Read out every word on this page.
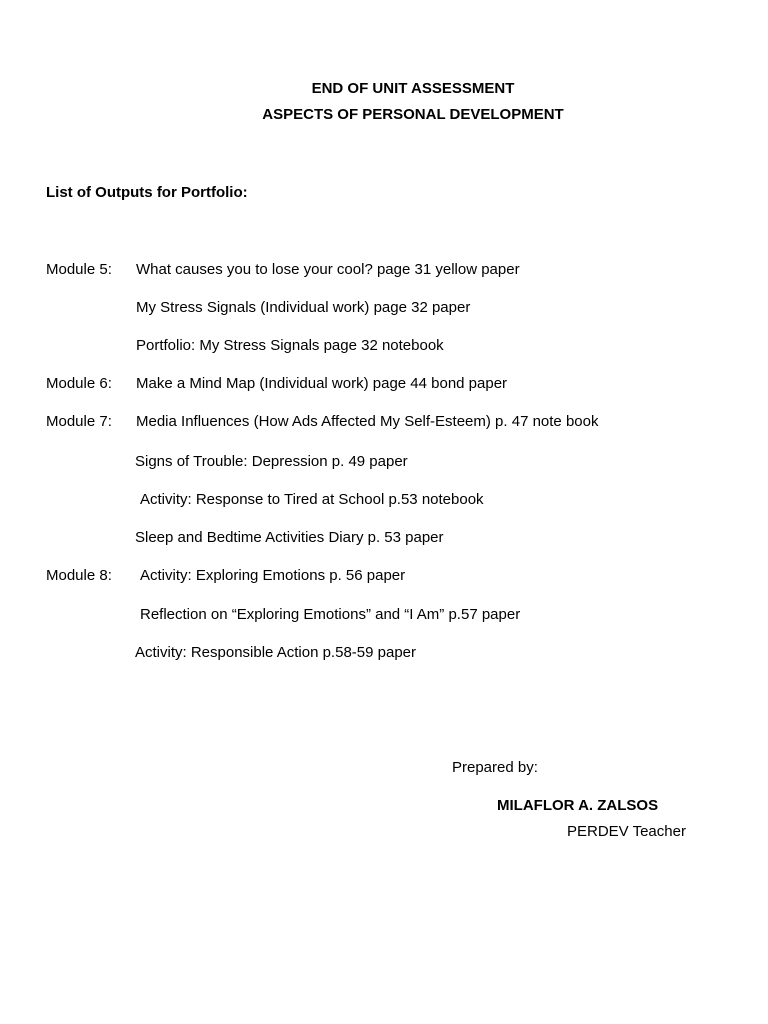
END OF UNIT ASSESSMENT
ASPECTS OF PERSONAL DEVELOPMENT
List of Outputs for Portfolio:
Module 5: What causes you to lose your cool? page 31 yellow paper
My Stress Signals (Individual work) page 32 paper
Portfolio: My Stress Signals page 32 notebook
Module 6: Make a Mind Map (Individual work) page 44 bond paper
Module 7: Media Influences (How Ads Affected My Self-Esteem) p. 47 note book
Signs of Trouble: Depression p. 49 paper
Activity: Response to Tired at School p.53 notebook
Sleep and Bedtime Activities Diary p. 53 paper
Module 8: Activity: Exploring Emotions p. 56 paper
Reflection on “Exploring Emotions” and “I Am” p.57 paper
Activity: Responsible Action p.58-59 paper
Prepared by:
MILAFLOR A. ZALSOS
PERDEV Teacher
